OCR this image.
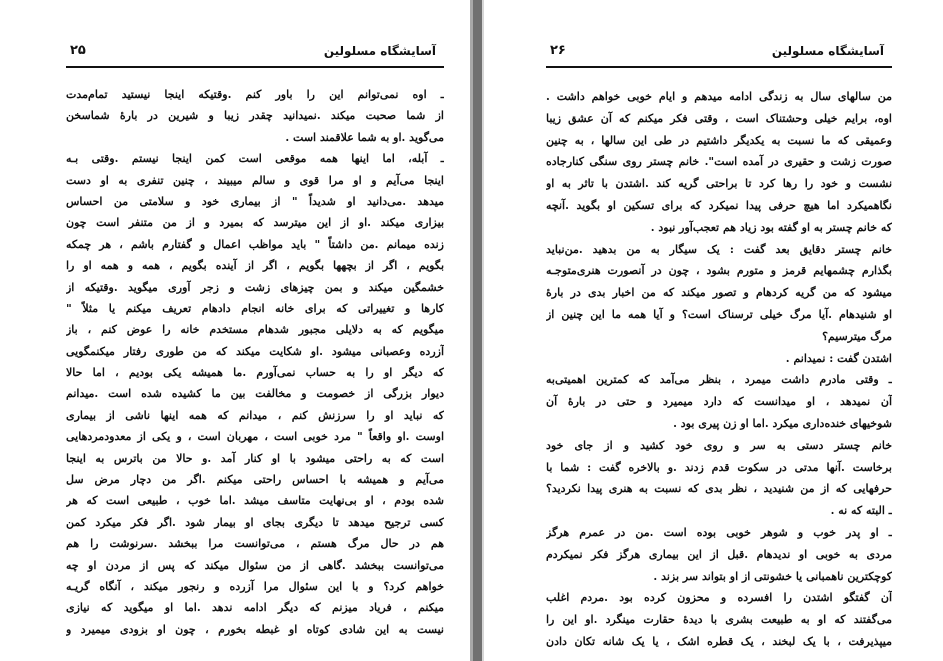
آسایشگاه مسلولین
۲۵
ـ اوه نمی‌توانم این را باور کنم .وقتیکه اینجا نیستید تمام‌مدت
از شما صحبت میکند .نمیدانید چقدر زیبا و شیرین در بارهٔ شماسخن
می‌گوید .او به شما علاقمند است .
ـ آ‌بله، اما اینها همه موقعی است کمن اینجا نیستم .وقتی بـه
اینجا می‌آیم و او مرا قوی و سالم میبیند ، چنین تنفری به او دست
میدهد .می‌دانید او شدیداً " از بیماری خود و سلامتی من احساس
بیزاری میکند .او از این میترسد که بمیرد و از من متنفر است چون
زنده میمانم .من داشتاً " باید مواظب اعمال و گفتارم باشم ، هر چمکه
بگویم ، اگر از بچهها بگویم ، اگر از آینده بگویم ، همه و همه او را
خشمگین میکند و بمن چیزهای زشت و زجر آوری میگوید .وقتیکه از
کارها و تغییراتی که برای خانه انجام دادهام تعریف میکنم یا مثلاً "
میگویم که به دلایلی مجبور شدهام مستخدم خانه را عوض کنم ، باز
آزرده وعصبانی میشود .او شکایت میکند که من طوری رفتار میکنمگویی
که دیگر او را به حساب نمی‌آورم .ما همیشه یکی بودیم ، اما حالا
دیوار بزرگی از خصومت و مخالفت بین ما کشیده شده است .میدانم
که نباید او را سرزنش کنم ، میدانم که همه اینها ناشی از بیماری
اوست .او واقعاً " مرد خوبی است ، مهربان است ، و یکی از معدودمردهایی
است که به راحتی میشود با او کنار آمد .و حالا من باترس به اینجا
می‌آیم و همیشه با احساس راحتی میکنم .اگر من دچار مرض سل
شده بودم ، او بی‌نهایت متاسف میشد .اما خوب ، طبیعی است که هر
کسی ترجیح میدهد تا دیگری بجای او بیمار شود .اگر فکر میکرد کمن
هم در حال مرگ هستم ، می‌توانست مرا ببخشد .سرنوشت را هم
می‌توانست ببخشد .گاهی از من سئوال میکند که پس از مردن او چه
خواهم کرد؟ و با این سئوال مرا آزرده و رنجور میکند ، آنگاه گریـه
میکنم ، فریاد میزنم که دیگر ادامه ندهد .اما او میگوید که نیازی
نیست به این شادی کوتاه او غبطه بخورم ، چون او بزودی میمیرد و
آسایشگاه مسلولین
۲۶
من سالهای سال به زندگی ادامه میدهم و ایام خوبی خواهم داشت .
اوه، برایم خیلی وحشتناک است ، وقتی فکر میکنم که آن عشق زیبا
وعمیقی که ما نسبت به یکدیگر داشتیم در طی این سالها ، به چنین
صورت زشت و حقیری در آمده است". خانم چستر روی سنگی کنارجاده
نشست و خود را رها کرد تا براحتی گریه کند .اشتدن با تاثر به او
نگاهمیکرد اما هیچ حرفی پیدا نمیکرد که برای تسکین او بگوید .آنچه
که خانم چستر به او گفته بود زیاد هم تعجب‌آور نبود .
خانم چستر دقایق بعد گفت : یک سیگار به من بدهید .من‌نباید
بگذارم چشمهایم قرمز و متورم بشود ، چون در آنصورت هنری‌متوجـه
میشود که من گریه کردهام و تصور میکند که من اخبار بدی در بارهٔ
او شنیدهام .آیا مرگ خیلی ترسناک است؟ و آیا همه ما این چنین از
مرگ میترسیم؟
اشتدن گفت : نمیدانم .
ـ وقتی مادرم داشت میمرد ، بنظر می‌آمد که کمترین اهمیتی‌به
آن نمیدهد ، او میدانست که دارد میمیرد و حتی در بارهٔ آن
شوخیهای خنده‌داری میکرد .اما او زن پیری بود .
خانم چستر دستی به سر و روی خود کشید و از جای خود
برخاست .آنها مدتی در سکوت قدم زدند .و بالاخره گفت : شما با
حرفهایی که از من شنیدید ، نظر بدی که نسبت به هنری پیدا نکردید؟
ـ البته که نه .
ـ او پدر خوب و شوهر خوبی بوده است .من در عمرم هرگز
مردی به خوبی او ندیدهام .قبل از این بیماری هرگز فکر نمیکردم
کوچکترین ناهمبانی یا خشونتی از او بتواند سر بزند .
آن گفتگو اشتدن را افسرده و محزون کرده بود .مردم اغلب
می‌گفتند که او به طبیعت بشری با دیدهٔ حقارت مینگرد .او این را
میپذیرفت ، با یک لبخند ، یک قطره اشک ، یا یک شانه تکان دادن
